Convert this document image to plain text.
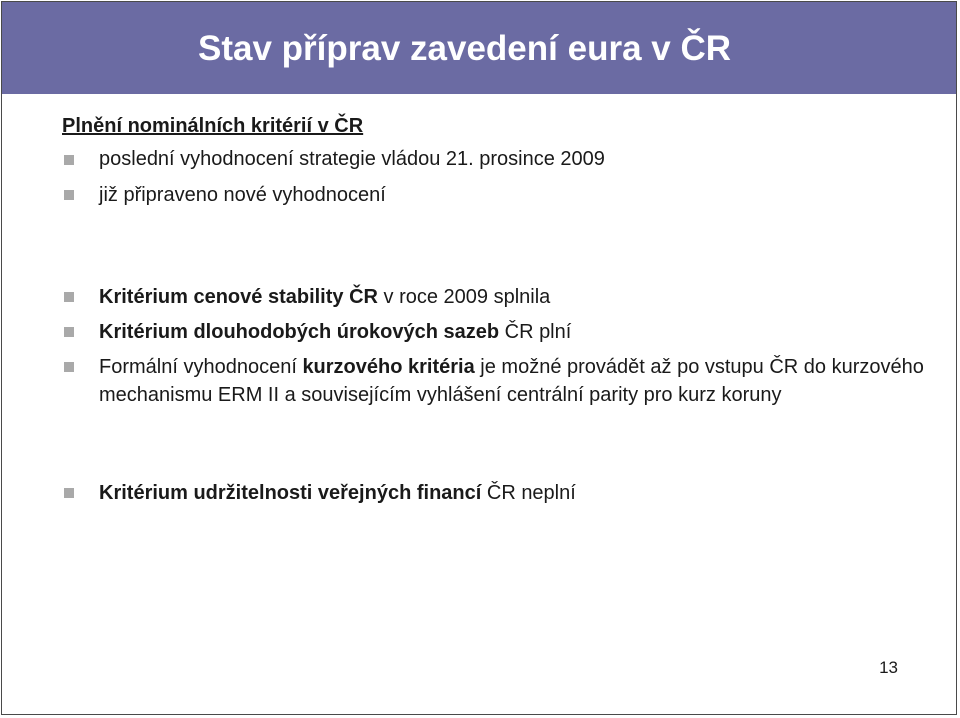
Stav příprav zavedení eura v ČR
Plnění nominálních kritérií v ČR
poslední vyhodnocení strategie vládou 21. prosince 2009
již připraveno nové vyhodnocení
Kritérium cenové stability ČR v roce 2009 splnila
Kritérium dlouhodobých úrokových sazeb ČR plní
Formální vyhodnocení kurzového kritéria je možné provádět až po vstupu ČR do kurzového mechanismu ERM II a souvisejícím vyhlášení centrální parity pro kurz koruny
Kritérium udržitelnosti veřejných financí ČR neplní
13
